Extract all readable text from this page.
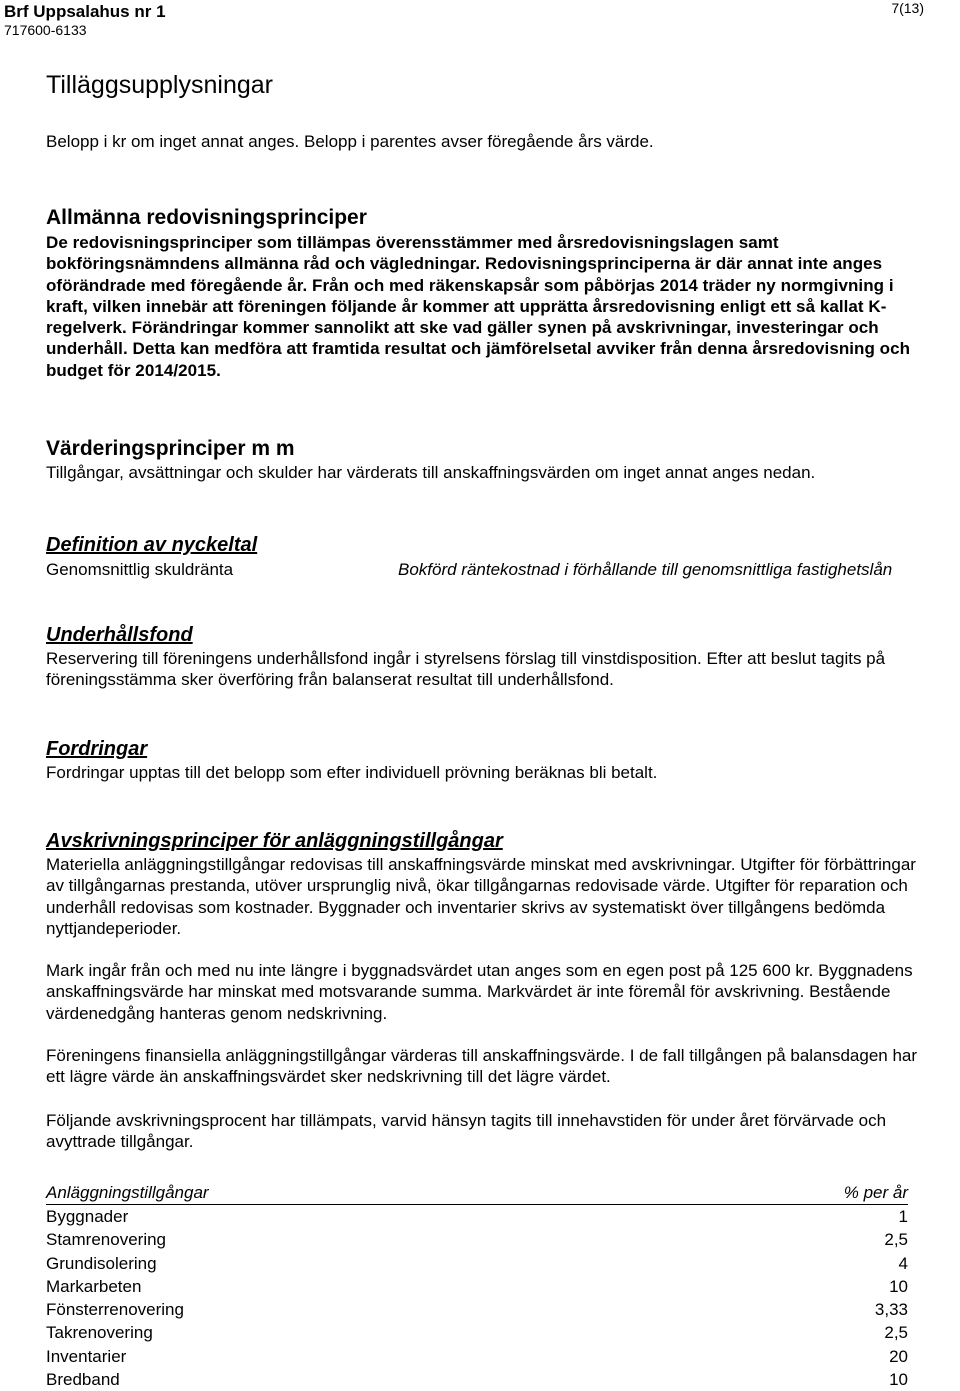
Brf Uppsalahus nr 1
717600-6133
7(13)
Tilläggsupplysningar
Belopp i kr om inget annat anges. Belopp i parentes avser föregående års värde.
Allmänna redovisningsprinciper
De redovisningsprinciper som tillämpas överensstämmer med årsredovisningslagen samt bokföringsnämndens allmänna råd och vägledningar. Redovisningsprinciperna är där annat inte anges oförändrade med föregående år. Från och med räkenskapsår som påbörjas 2014 träder ny normgivning i kraft, vilken innebär att föreningen följande år kommer att upprätta årsredovisning enligt ett så kallat K-regelverk. Förändringar kommer sannolikt att ske vad gäller synen på avskrivningar, investeringar och underhåll. Detta kan medföra att framtida resultat och jämförelsetal avviker från denna årsredovisning och budget för 2014/2015.
Värderingsprinciper m m
Tillgångar, avsättningar och skulder har värderats till anskaffningsvärden om inget annat anges nedan.
Definition av nyckeltal
Genomsnittlig skuldränta	Bokförd räntekostnad i förhållande till genomsnittliga fastighetslån
Underhållsfond
Reservering till föreningens underhållsfond ingår i styrelsens förslag till vinstdisposition. Efter att beslut tagits på föreningsstämma sker överföring från balanserat resultat till underhållsfond.
Fordringar
Fordringar upptas till det belopp som efter individuell prövning beräknas bli betalt.
Avskrivningsprinciper för anläggningstillgångar
Materiella anläggningstillgångar redovisas till anskaffningsvärde minskat med avskrivningar. Utgifter för förbättringar av tillgångarnas prestanda, utöver ursprunglig nivå, ökar tillgångarnas redovisade värde. Utgifter för reparation och underhåll redovisas som kostnader. Byggnader och inventarier skrivs av systematiskt över tillgångens bedömda nyttjandeperioder.
Mark ingår från och med nu inte längre i byggnadsvärdet utan anges som en egen post på 125 600 kr. Byggnadens anskaffningsvärde har minskat med motsvarande summa. Markvärdet är inte föremål för avskrivning. Bestående värdenedgång hanteras genom nedskrivning.
Föreningens finansiella anläggningstillgångar värderas till anskaffningsvärde. I de fall tillgången på balansdagen har ett lägre värde än anskaffningsvärdet sker nedskrivning till det lägre värdet.
Följande avskrivningsprocent har tillämpats, varvid hänsyn tagits till innehavstiden för under året förvärvade och avyttrade tillgångar.
Anläggningstillgångar	% per år
Byggnader	1
Stamrenovering	2,5
Grundisolering	4
Markarbeten	10
Fönsterrenovering	3,33
Takrenovering	2,5
Inventarier	20
Bredband	10
